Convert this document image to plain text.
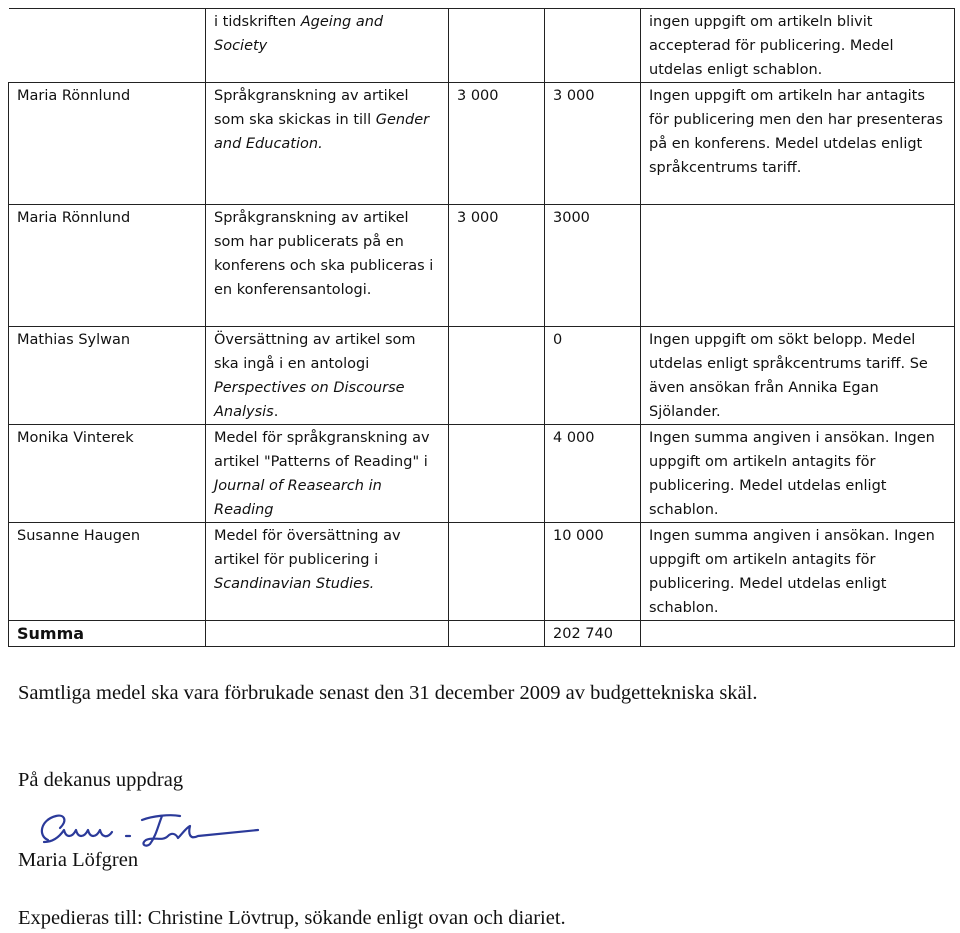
	i tidskriften Ageing and Society			ingen uppgift om artikeln blivit accepterad för publicering. Medel utdelas enligt schablon.
Maria Rönnlund	Språkgranskning av artikel som ska skickas in till Gender and Education.	3 000	3 000	Ingen uppgift om artikeln har antagits för publicering men den har presenteras på en konferens. Medel utdelas enligt språkcentrums tariff.
Maria Rönnlund	Språkgranskning av artikel som har publicerats på en konferens och ska publiceras i en konferensantologi.	3 000	3000	
Mathias Sylwan	Översättning av artikel som ska ingå i en antologi Perspectives on Discourse Analysis.		0	Ingen uppgift om sökt belopp. Medel utdelas enligt språkcentrums tariff. Se även ansökan från Annika Egan Sjölander.
Monika Vinterek	Medel för språkgranskning av artikel "Patterns of Reading" i Journal of Reasearch in Reading		4 000	Ingen summa angiven i ansökan. Ingen uppgift om artikeln antagits för publicering. Medel utdelas enligt schablon.
Susanne Haugen	Medel för översättning av artikel för publicering i Scandinavian Studies.		10 000	Ingen summa angiven i ansökan. Ingen uppgift om artikeln antagits för publicering. Medel utdelas enligt schablon.
Summa			202 740	

Samtliga medel ska vara förbrukade senast den 31 december 2009 av budgettekniska skäl.

På dekanus uppdrag

Maria Löfgren

Expedieras till: Christine Lövtrup, sökande enligt ovan och diariet.
